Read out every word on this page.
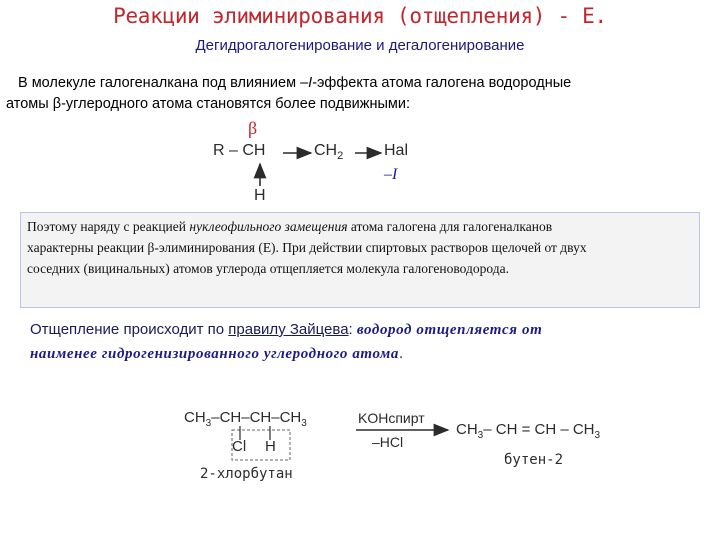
Реакции элиминирования (отщепления) - E.
Дегидрогалогенирование и дегалогенирование
В молекуле галогеналкана под влиянием –I-эффекта атома галогена водородные
атомы β-углеродного атома становятся более подвижными:
β
R – CH	$CH_2$	Hal
–I
H
Поэтому наряду с реакцией нуклеофильного замещения атома галогена для галогеналканов
характерны реакции β-элиминирования (E). При действии спиртовых растворов щелочей от двух
соседних (вицинальных) атомов углерода отщепляется молекула галогеноводорода.
Отщепление происходит по правилу Зайцева: водород отщепляется от
наименее гидрогенизированного углеродного атома.
$CH_3-CH-CH-CH_3$
Cl H
KOHспирт
–HCl
$CH_3-$ CH = CH – $CH_3$
2-хлорбутан
бутен-2
